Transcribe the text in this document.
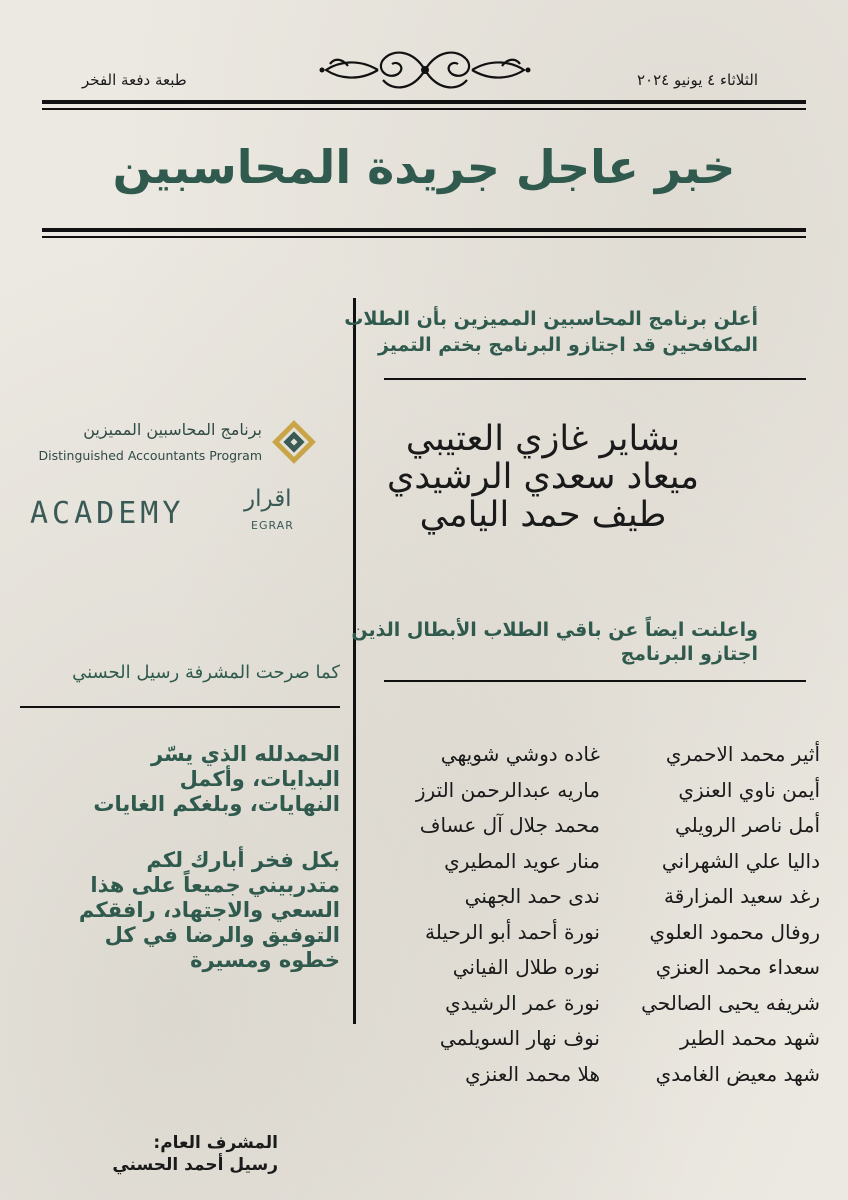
الثلاثاء ٤ يونيو ٢٠٢٤
طبعة دفعة الفخر
خبر عاجل جريدة المحاسبين
أعلن برنامج المحاسبين المميزين بأن الطلاب
المكافحين قد اجتازو البرنامج بختم التميز
بشاير غازي العتيبي
ميعاد سعدي الرشيدي
طيف حمد اليامي
واعلنت ايضاً عن باقي الطلاب الأبطال الذين
اجتازو البرنامج
أثير محمد الاحمري
أيمن ناوي العنزي
أمل ناصر الرويلي
داليا علي الشهراني
رغد سعيد المزارقة
روفال محمود العلوي
سعداء محمد العنزي
شريفه يحيى الصالحي
شهد محمد الطير
شهد معيض الغامدي
غاده دوشي شويهي
ماريه عبدالرحمن الترز
محمد جلال آل عساف
منار عويد المطيري
ندى حمد الجهني
نورة أحمد أبو الرحيلة
نوره طلال الفياني
نورة عمر الرشيدي
نوف نهار السويلمي
هلا محمد العنزي
برنامج المحاسبين المميزين
Distinguished Accountants Program
ACADEMY	اقرار
EGRAR
كما صرحت المشرفة رسيل الحسني
الحمدلله الذي يسّر
البدايات، وأكمل
النهايات، وبلغكم الغايات
بكل فخر أبارك لكم
متدربيني جميعاً على هذا
السعي والاجتهاد، رافقكم
التوفيق والرضا في كل
خطوه ومسيرة
المشرف العام:
رسيل أحمد الحسني
